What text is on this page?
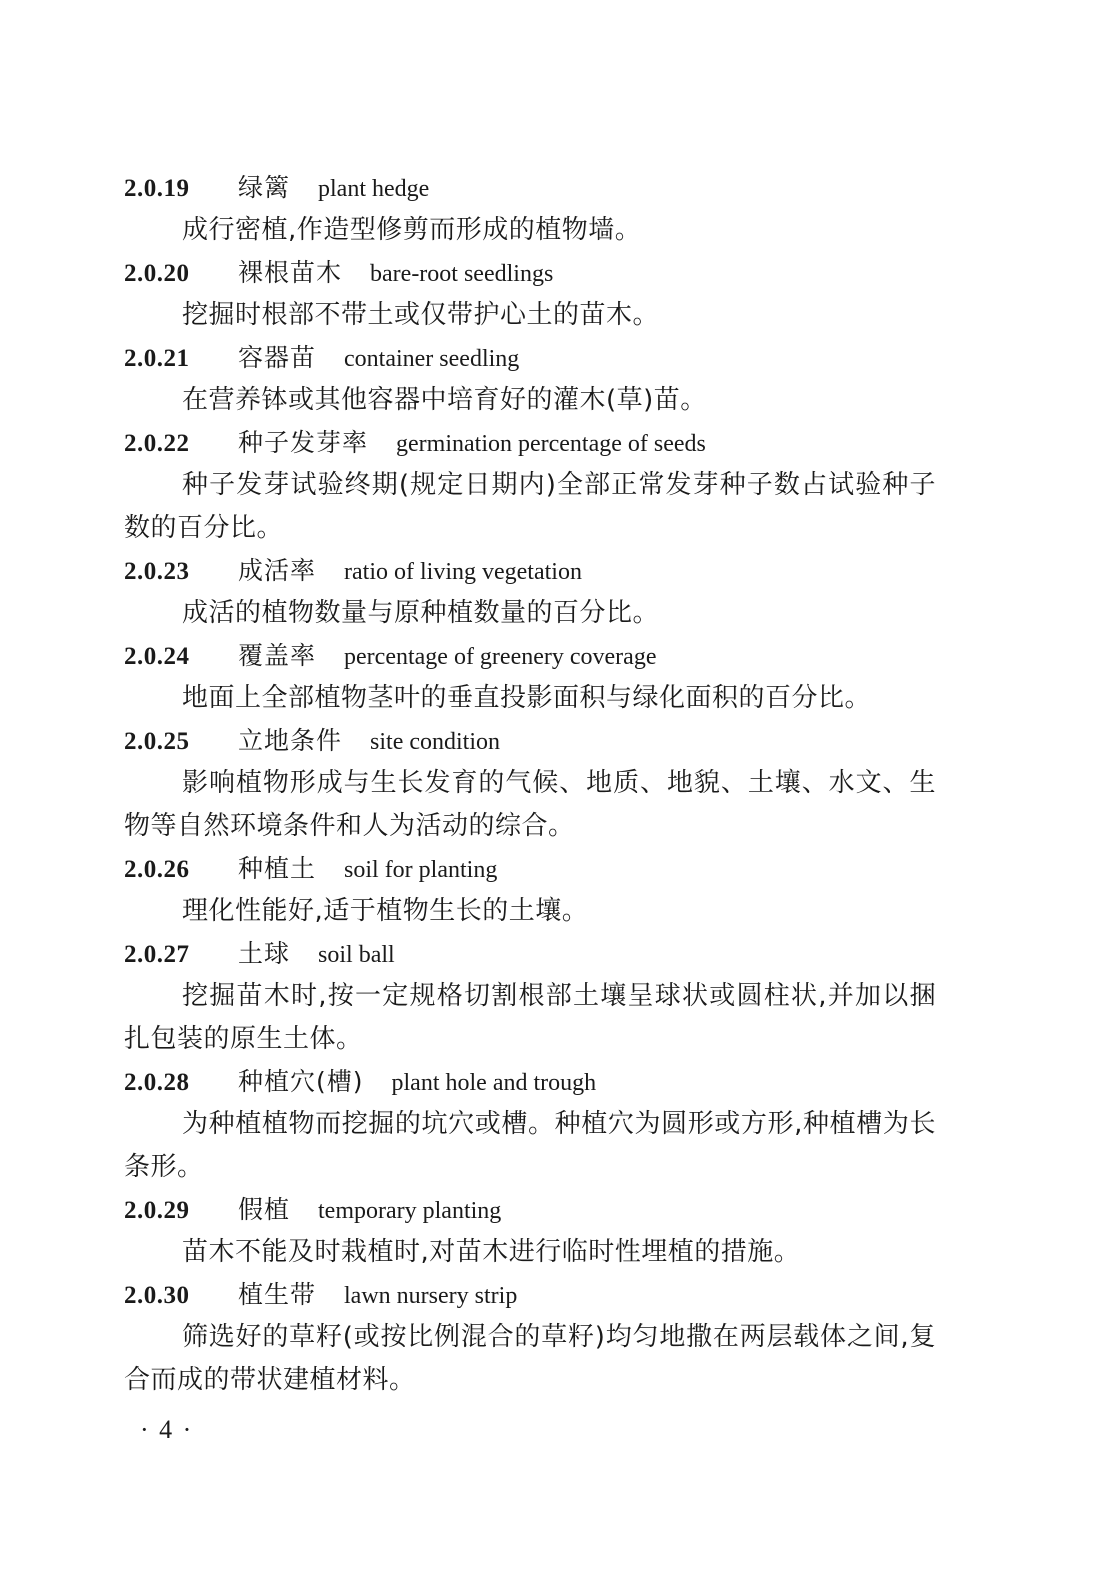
2.0.19 绿篱 plant hedge

成行密植,作造型修剪而形成的植物墙。

2.0.20 裸根苗木 bare-root seedlings

挖掘时根部不带土或仅带护心土的苗木。

2.0.21 容器苗 container seedling

在营养钵或其他容器中培育好的灌木(草)苗。

2.0.22 种子发芽率 germination percentage of seeds

种子发芽试验终期(规定日期内)全部正常发芽种子数占试验种子数的百分比。

2.0.23 成活率 ratio of living vegetation

成活的植物数量与原种植数量的百分比。

2.0.24 覆盖率 percentage of greenery coverage

地面上全部植物茎叶的垂直投影面积与绿化面积的百分比。

2.0.25 立地条件 site condition

影响植物形成与生长发育的气候、地质、地貌、土壤、水文、生物等自然环境条件和人为活动的综合。

2.0.26 种植土 soil for planting

理化性能好,适于植物生长的土壤。

2.0.27 土球 soil ball

挖掘苗木时,按一定规格切割根部土壤呈球状或圆柱状,并加以捆扎包装的原生土体。

2.0.28 种植穴(槽) plant hole and trough

为种植植物而挖掘的坑穴或槽。种植穴为圆形或方形,种植槽为长条形。

2.0.29 假植 temporary planting

苗木不能及时栽植时,对苗木进行临时性埋植的措施。

2.0.30 植生带 lawn nursery strip

筛选好的草籽(或按比例混合的草籽)均匀地撒在两层载体之间,复合而成的带状建植材料。

· 4 ·
